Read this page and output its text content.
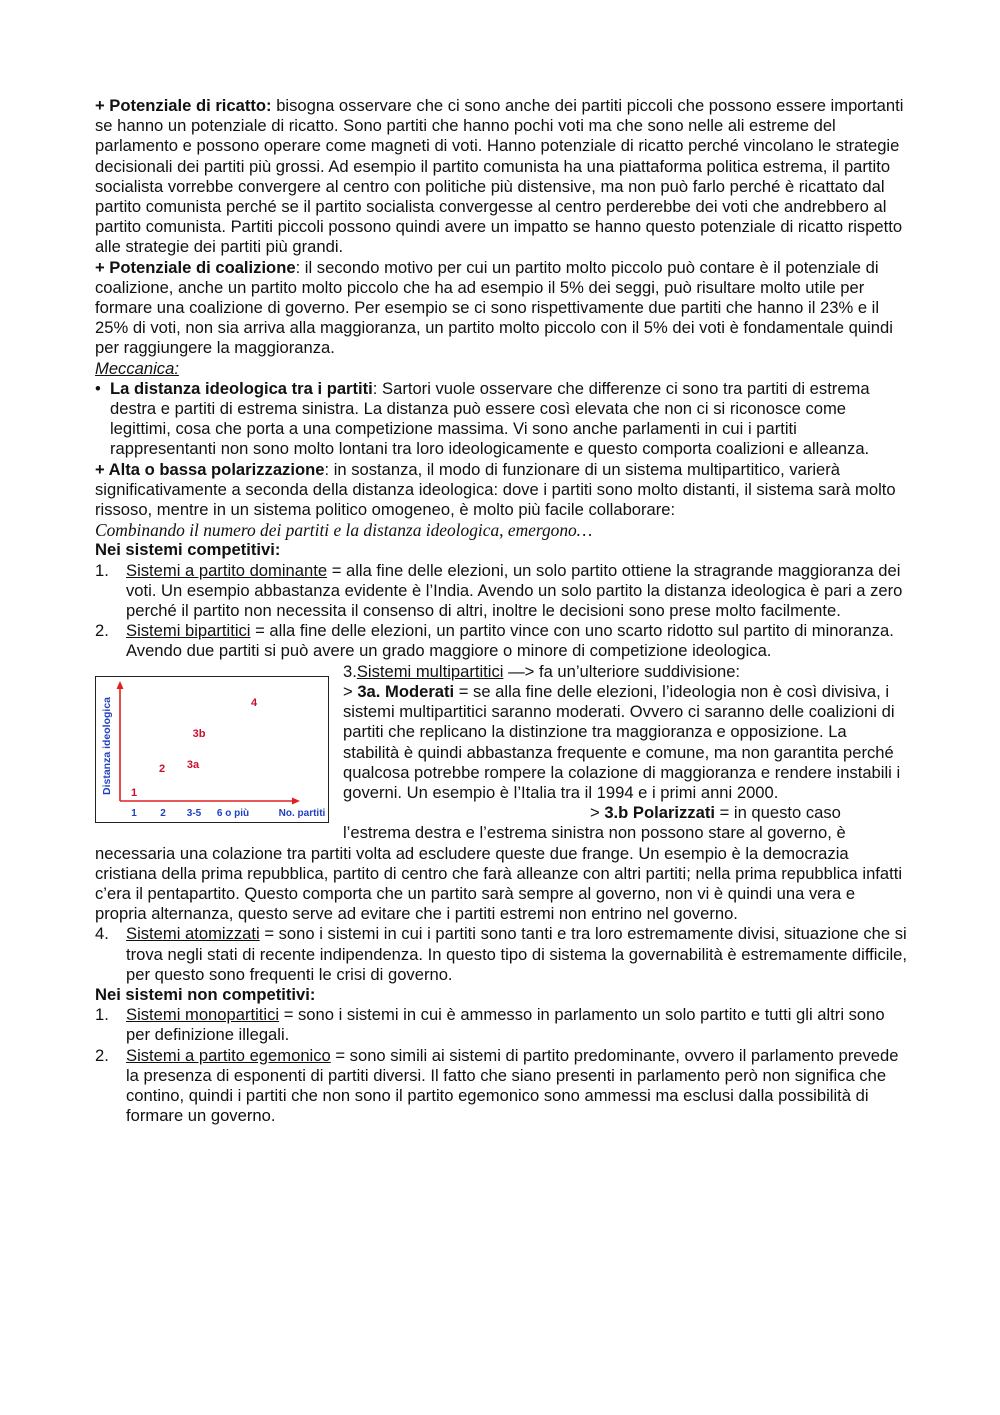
+ Potenziale di ricatto: bisogna osservare che ci sono anche dei partiti piccoli che possono essere importanti se hanno un potenziale di ricatto. Sono partiti che hanno pochi voti ma che sono nelle ali estreme del parlamento e possono operare come magneti di voti. Hanno potenziale di ricatto perché vincolano le strategie decisionali dei partiti più grossi. Ad esempio il partito comunista ha una piattaforma politica estrema, il partito socialista vorrebbe convergere al centro con politiche più distensive, ma non può farlo perché è ricattato dal partito comunista perché se il partito socialista convergesse al centro perderebbe dei voti che andrebbero al partito comunista. Partiti piccoli possono quindi avere un impatto se hanno questo potenziale di ricatto rispetto alle strategie dei partiti più grandi.

+ Potenziale di coalizione: il secondo motivo per cui un partito molto piccolo può contare è il potenziale di coalizione, anche un partito molto piccolo che ha ad esempio il 5% dei seggi, può risultare molto utile per formare una coalizione di governo. Per esempio se ci sono rispettivamente due partiti che hanno il 23% e il 25% di voti, non sia arriva alla maggioranza, un partito molto piccolo con il 5% dei voti è fondamentale quindi per raggiungere la maggioranza.

Meccanica:

• La distanza ideologica tra i partiti: Sartori vuole osservare che differenze ci sono tra partiti di estrema destra e partiti di estrema sinistra. La distanza può essere così elevata che non ci si riconosce come legittimi, cosa che porta a una competizione massima. Vi sono anche parlamenti in cui i partiti rappresentanti non sono molto lontani tra loro ideologicamente e questo comporta coalizioni e alleanza.

+ Alta o bassa polarizzazione: in sostanza, il modo di funzionare di un sistema multipartitico, varierà significativamente a seconda della distanza ideologica: dove i partiti sono molto distanti, il sistema sarà molto rissoso, mentre in un sistema politico omogeneo, è molto più facile collaborare:

Combinando il numero dei partiti e la distanza ideologica, emergono…

Nei sistemi competitivi:

1. Sistemi a partito dominante = alla fine delle elezioni, un solo partito ottiene la stragrande maggioranza dei voti. Un esempio abbastanza evidente è l’India. Avendo un solo partito la distanza ideologica è pari a zero perché il partito non necessita il consenso di altri, inoltre le decisioni sono prese molto facilmente.

2. Sistemi bipartitici = alla fine delle elezioni, un partito vince con uno scarto ridotto sul partito di minoranza. Avendo due partiti si può avere un grado maggiore o minore di competizione ideologica.

Distanza ideologica
1 2 3-5 6 o più	No. partiti
1
2 3a
3b
4

3.Sistemi multipartitici —> fa un’ulteriore suddivisione:

> 3a. Moderati = se alla fine delle elezioni, l’ideologia non è così divisiva, i sistemi multipartitici saranno moderati. Ovvero ci saranno delle coalizioni di partiti che replicano la distinzione tra maggioranza e opposizione. La stabilità è quindi abbastanza frequente e comune, ma non garantita perché qualcosa potrebbe rompere la colazione di maggioranza e rendere instabili i governi. Un esempio è l’Italia tra il 1994 e i primi anni 2000.

> 3.b Polarizzati = in questo caso l’estrema destra e l’estrema sinistra non possono stare al governo, è necessaria una colazione tra partiti volta ad escludere queste due frange. Un esempio è la democrazia cristiana della prima repubblica, partito di centro che farà alleanze con altri partiti; nella prima repubblica infatti c’era il pentapartito. Questo comporta che un partito sarà sempre al governo, non vi è quindi una vera e propria alternanza, questo serve ad evitare che i partiti estremi non entrino nel governo.

4. Sistemi atomizzati = sono i sistemi in cui i partiti sono tanti e tra loro estremamente divisi, situazione che si trova negli stati di recente indipendenza. In questo tipo di sistema la governabilità è estremamente difficile, per questo sono frequenti le crisi di governo.

Nei sistemi non competitivi:

1. Sistemi monopartitici = sono i sistemi in cui è ammesso in parlamento un solo partito e tutti gli altri sono per definizione illegali.

2. Sistemi a partito egemonico = sono simili ai sistemi di partito predominante, ovvero il parlamento prevede la presenza di esponenti di partiti diversi. Il fatto che siano presenti in parlamento però non significa che contino, quindi i partiti che non sono il partito egemonico sono ammessi ma esclusi dalla possibilità di formare un governo.
